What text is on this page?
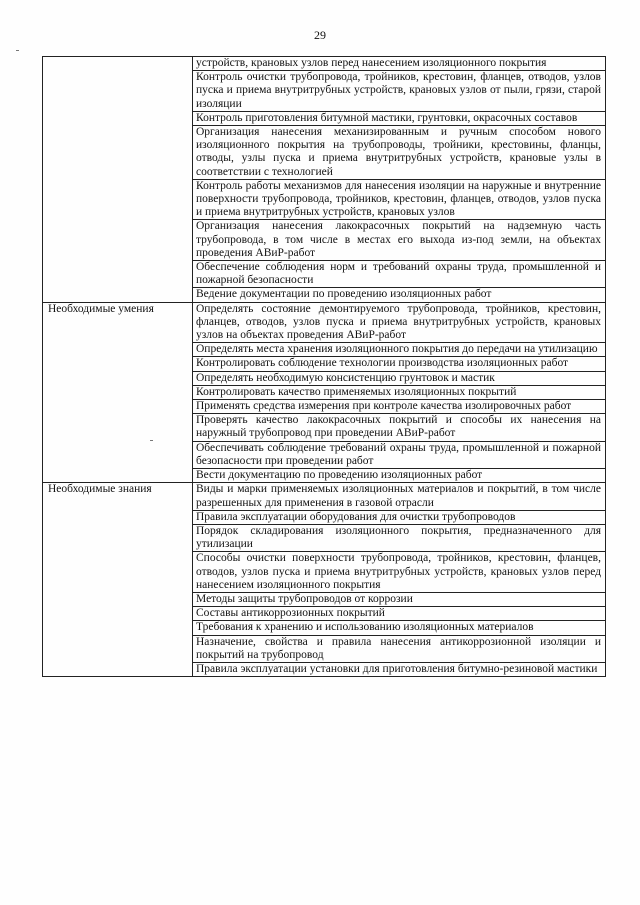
29
	устройств, крановых узлов перед нанесением изоляционного покрытия
	Контроль очистки трубопровода, тройников, крестовин, фланцев, отводов, узлов пуска и приема внутритрубных устройств, крановых узлов от пыли, грязи, старой изоляции
	Контроль приготовления битумной мастики, грунтовки, окрасочных составов
	Организация нанесения механизированным и ручным способом нового изоляционного покрытия на трубопроводы, тройники, крестовины, фланцы, отводы, узлы пуска и приема внутритрубных устройств, крановые узлы в соответствии с технологией
	Контроль работы механизмов для нанесения изоляции на наружные и внутренние поверхности трубопровода, тройников, крестовин, фланцев, отводов, узлов пуска и приема внутритрубных устройств, крановых узлов
	Организация нанесения лакокрасочных покрытий на надземную часть трубопровода, в том числе в местах его выхода из-под земли, на объектах проведения АВиР-работ
	Обеспечение соблюдения норм и требований охраны труда, промышленной и пожарной безопасности
	Ведение документации по проведению изоляционных работ
Необходимые умения	Определять состояние демонтируемого трубопровода, тройников, крестовин, фланцев, отводов, узлов пуска и приема внутритрубных устройств, крановых узлов на объектах проведения АВиР-работ
	Определять места хранения изоляционного покрытия до передачи на утилизацию
	Контролировать соблюдение технологии производства изоляционных работ
	Определять необходимую консистенцию грунтовок и мастик
	Контролировать качество применяемых изоляционных покрытий
	Применять средства измерения при контроле качества изолировочных работ
	Проверять качество лакокрасочных покрытий и способы их нанесения на наружный трубопровод при проведении АВиР-работ
	Обеспечивать соблюдение требований охраны труда, промышленной и пожарной безопасности при проведении работ
	Вести документацию по проведению изоляционных работ
Необходимые знания	Виды и марки применяемых изоляционных материалов и покрытий, в том числе разрешенных для применения в газовой отрасли
	Правила эксплуатации оборудования для очистки трубопроводов
	Порядок складирования изоляционного покрытия, предназначенного для утилизации
	Способы очистки поверхности трубопровода, тройников, крестовин, фланцев, отводов, узлов пуска и приема внутритрубных устройств, крановых узлов перед нанесением изоляционного покрытия
	Методы защиты трубопроводов от коррозии
	Составы антикоррозионных покрытий
	Требования к хранению и использованию изоляционных материалов
	Назначение, свойства и правила нанесения антикоррозионной изоляции и покрытий на трубопровод
	Правила эксплуатации установки для приготовления битумно-резиновой мастики
